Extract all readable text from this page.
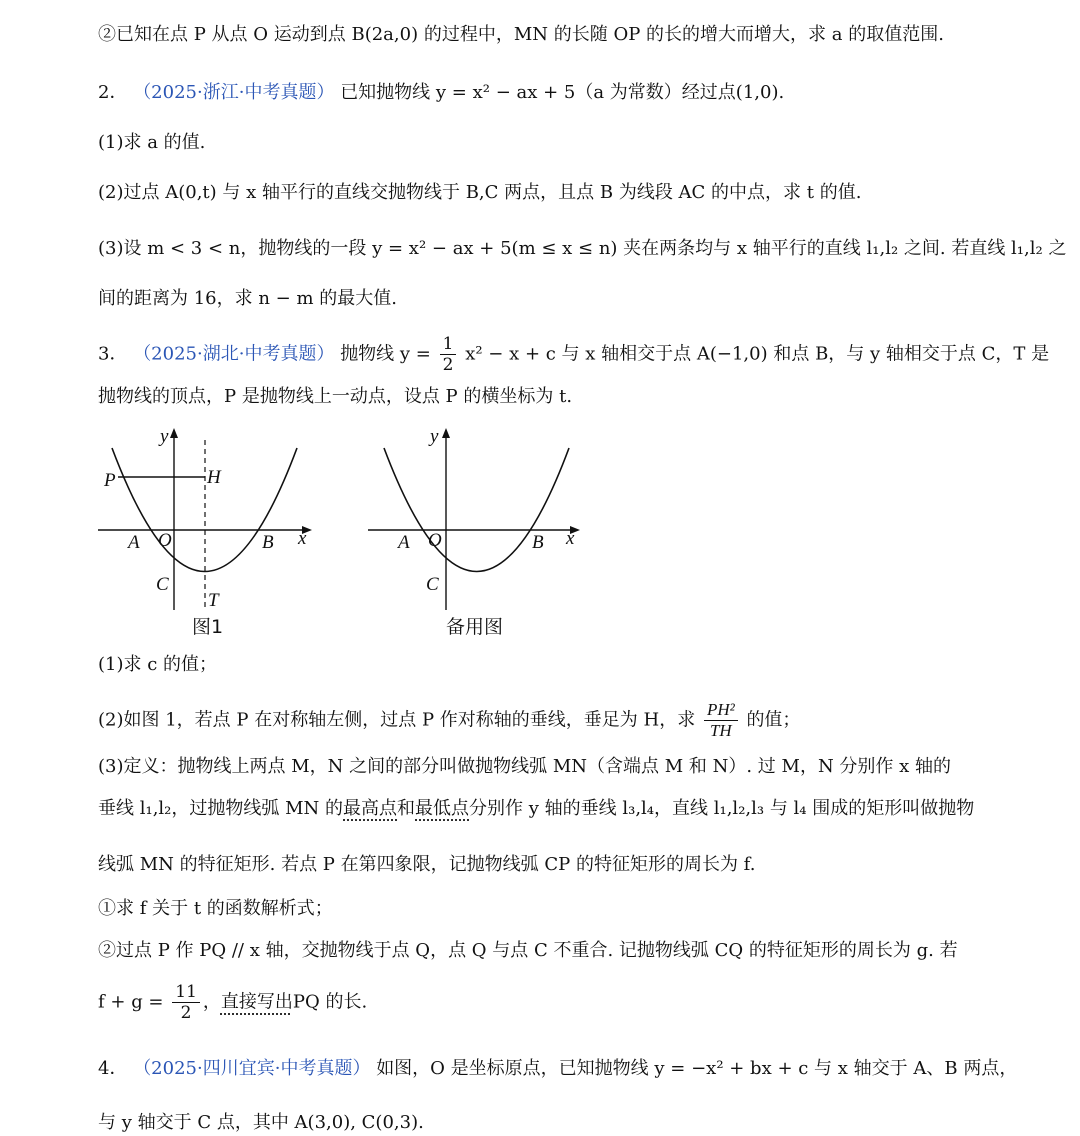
②已知在点 P 从点 O 运动到点 B(2a,0) 的过程中，MN 的长随 OP 的长的增大而增大，求 a 的取值范围.
2． （2025·浙江·中考真题） 已知抛物线 y = x² − ax + 5（a 为常数）经过点(1,0).
(1)求 a 的值.
(2)过点 A(0,t) 与 x 轴平行的直线交抛物线于 B,C 两点，且点 B 为线段 AC 的中点，求 t 的值.
(3)设 m < 3 < n，抛物线的一段 y = x² − ax + 5(m ≤ x ≤ n) 夹在两条均与 x 轴平行的直线 l₁,l₂ 之间. 若直线 l₁,l₂ 之
间的距离为 16，求 n − m 的最大值.
3． （2025·湖北·中考真题） 抛物线 $y = \frac{1}{2} x^2 - x + c$ 与 x 轴相交于点 A(−1,0) 和点 B，与 y 轴相交于点 C，T 是
抛物线的顶点，P 是抛物线上一动点，设点 P 的横坐标为 t.
y
x
O
A	B
C
P	H
T
图1
y
x
O
A	B
C
备用图
(1)求 c 的值；
(2)如图 1，若点 P 在对称轴左侧，过点 P 作对称轴的垂线，垂足为 H，求 $\frac{\text{PH²}}{TH}$ 的值；
(3)定义：抛物线上两点 M，N 之间的部分叫做抛物线弧 MN（含端点 M 和 N）. 过 M，N 分别作 x 轴的
垂线 l₁,l₂，过抛物线弧 MN 的最高点和最低点分别作 y 轴的垂线 l₃,l₄，直线 l₁,l₂,l₃ 与 l₄ 围成的矩形叫做抛物
线弧 MN 的特征矩形. 若点 P 在第四象限，记抛物线弧 CP 的特征矩形的周长为 f.
①求 f 关于 t 的函数解析式；
②过点 P 作 PQ // x 轴，交抛物线于点 Q，点 Q 与点 C 不重合. 记抛物线弧 CQ 的特征矩形的周长为 g. 若
$f + g = \frac{11}{2}$ ，直接写出PQ 的长.
4． （2025·四川宜宾·中考真题） 如图，O 是坐标原点，已知抛物线 y = −x² + bx + c 与 x 轴交于 A、B 两点，
与 y 轴交于 C 点，其中 A(3,0), C(0,3).
